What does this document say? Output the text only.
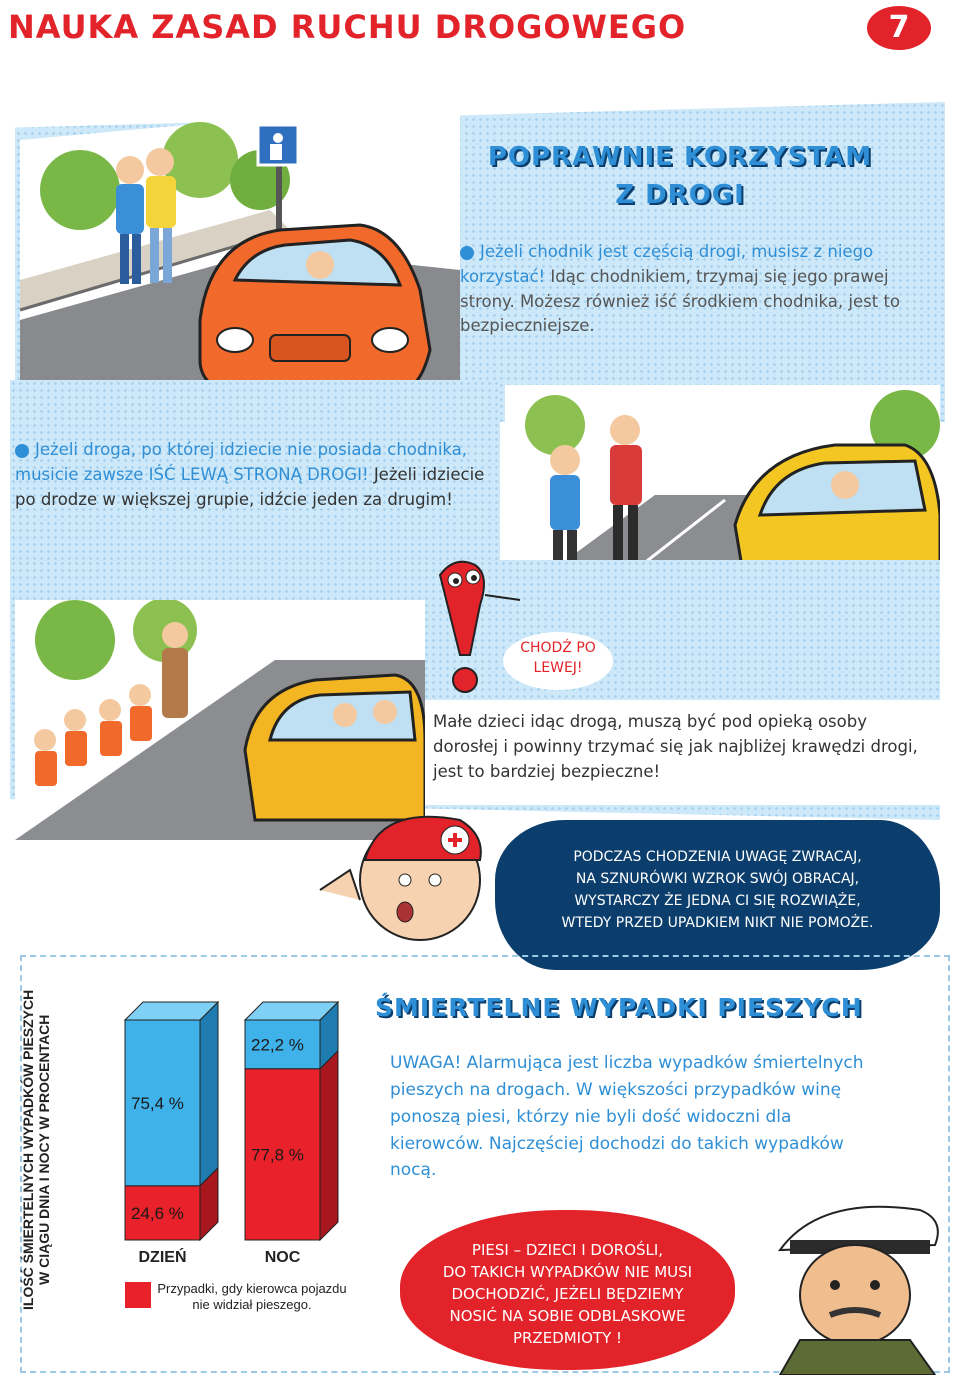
NAUKA ZASAD RUCHU DROGOWEGO	7
POPRAWNIE KORZYSTAM
Z DROGI
Jeżeli chodnik jest częścią drogi, musisz z niego korzystać! Idąc chodnikiem, trzymaj się jego prawej strony. Możesz również iść środkiem chodnika, jest to bezpieczniejsze.
Jeżeli droga, po której idziecie nie posiada chodnika, musicie zawsze IŚĆ LEWĄ STRONĄ DROGI! Jeżeli idziecie po drodze w większej grupie, idźcie jeden za drugim!
CHODŹ PO
LEWEJ!
Małe dzieci idąc drogą, muszą być pod opieką osoby dorosłej i powinny trzymać się jak najbliżej krawędzi drogi, jest to bardziej bezpieczne!
PODCZAS CHODZENIA UWAGĘ ZWRACAJ,
NA SZNURÓWKI WZROK SWÓJ OBRACAJ,
WYSTARCZY ŻE JEDNA CI SIĘ ROZWIĄŻE,
WTEDY PRZED UPADKIEM NIKT NIE POMOŻE.
ILOŚĆ ŚMIERTELNYCH WYPADKÓW PIESZYCH
W CIĄGU DNIA I NOCY W PROCENTACH	75,4 %
24,6 %
DZIEŃ
22,2 %
77,8 %
NOC
Przypadki, gdy kierowca pojazdu
nie widział pieszego.
ŚMIERTELNE WYPADKI PIESZYCH
UWAGA! Alarmująca jest liczba wypadków śmiertelnych pieszych na drogach. W większości przypadków winę ponoszą piesi, którzy nie byli dość widoczni dla kierowców. Najczęściej dochodzi do takich wypadków nocą.
PIESI – DZIECI I DOROŚLI,
DO TAKICH WYPADKÓW NIE MUSI
DOCHODZIĆ, JEŻELI BĘDZIEMY
NOSIĆ NA SOBIE ODBLASKOWE
PRZEDMIOTY !
